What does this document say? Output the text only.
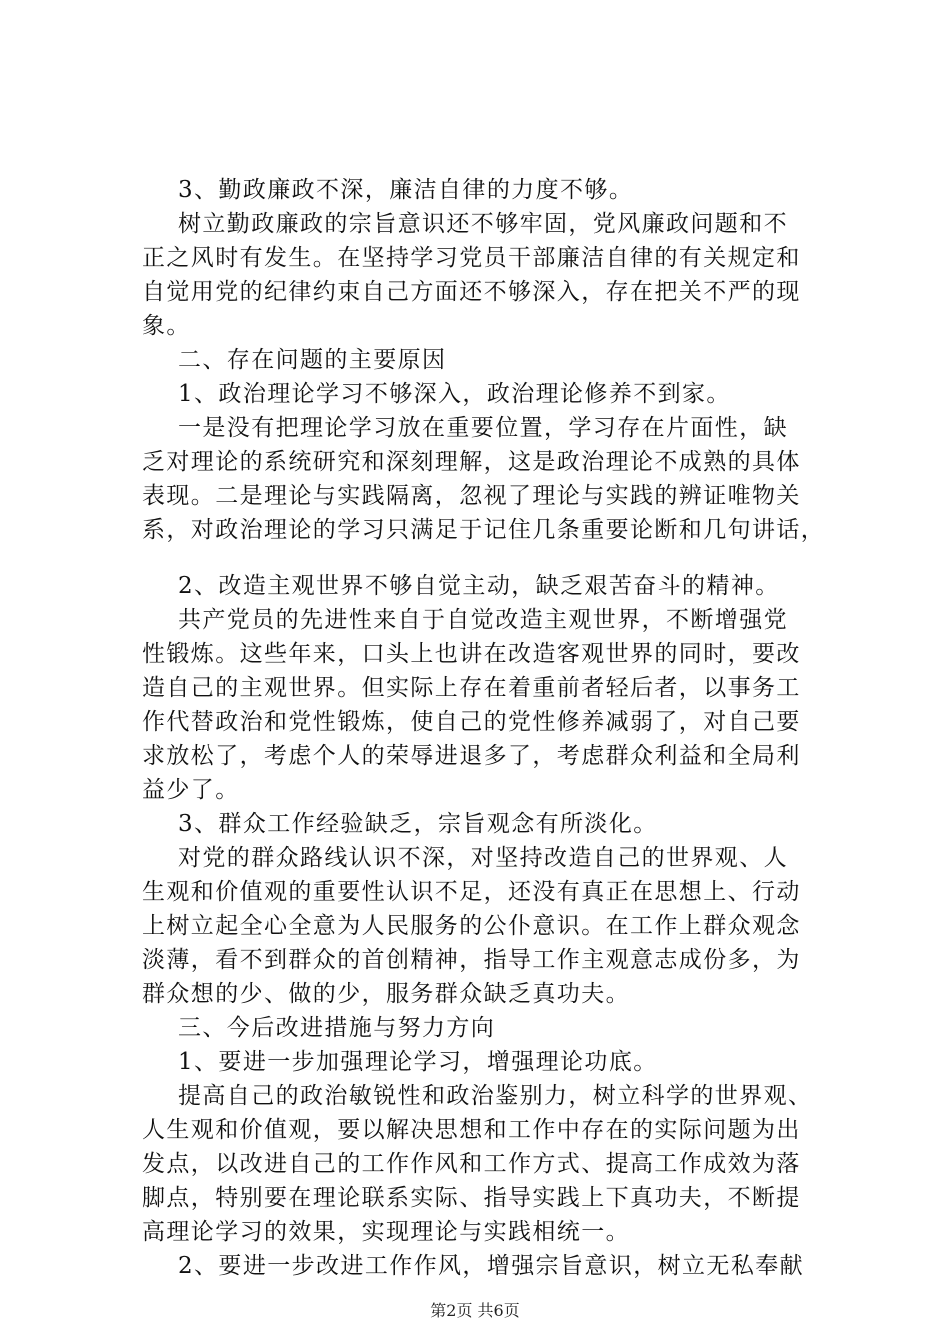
3、勤政廉政不深，廉洁自律的力度不够。
树立勤政廉政的宗旨意识还不够牢固，党风廉政问题和不
正之风时有发生。在坚持学习党员干部廉洁自律的有关规定和
自觉用党的纪律约束自己方面还不够深入，存在把关不严的现
象。
二、存在问题的主要原因
1、政治理论学习不够深入，政治理论修养不到家。
一是没有把理论学习放在重要位置，学习存在片面性，缺
乏对理论的系统研究和深刻理解，这是政治理论不成熟的具体
表现。二是理论与实践隔离，忽视了理论与实践的辨证唯物关
系，对政治理论的学习只满足于记住几条重要论断和几句讲话，
2、改造主观世界不够自觉主动，缺乏艰苦奋斗的精神。
共产党员的先进性来自于自觉改造主观世界，不断增强党
性锻炼。这些年来，口头上也讲在改造客观世界的同时，要改
造自己的主观世界。但实际上存在着重前者轻后者，以事务工
作代替政治和党性锻炼，使自己的党性修养减弱了，对自己要
求放松了，考虑个人的荣辱进退多了，考虑群众利益和全局利
益少了。
3、群众工作经验缺乏，宗旨观念有所淡化。
对党的群众路线认识不深，对坚持改造自己的世界观、人
生观和价值观的重要性认识不足，还没有真正在思想上、行动
上树立起全心全意为人民服务的公仆意识。在工作上群众观念
淡薄，看不到群众的首创精神，指导工作主观意志成份多，为
群众想的少、做的少，服务群众缺乏真功夫。
三、今后改进措施与努力方向
1、要进一步加强理论学习，增强理论功底。
提高自己的政治敏锐性和政治鉴别力，树立科学的世界观、
人生观和价值观，要以解决思想和工作中存在的实际问题为出
发点，以改进自己的工作作风和工作方式、提高工作成效为落
脚点，特别要在理论联系实际、指导实践上下真功夫，不断提
高理论学习的效果，实现理论与实践相统一。
2、要进一步改进工作作风，增强宗旨意识，树立无私奉献
第2页 共6页
